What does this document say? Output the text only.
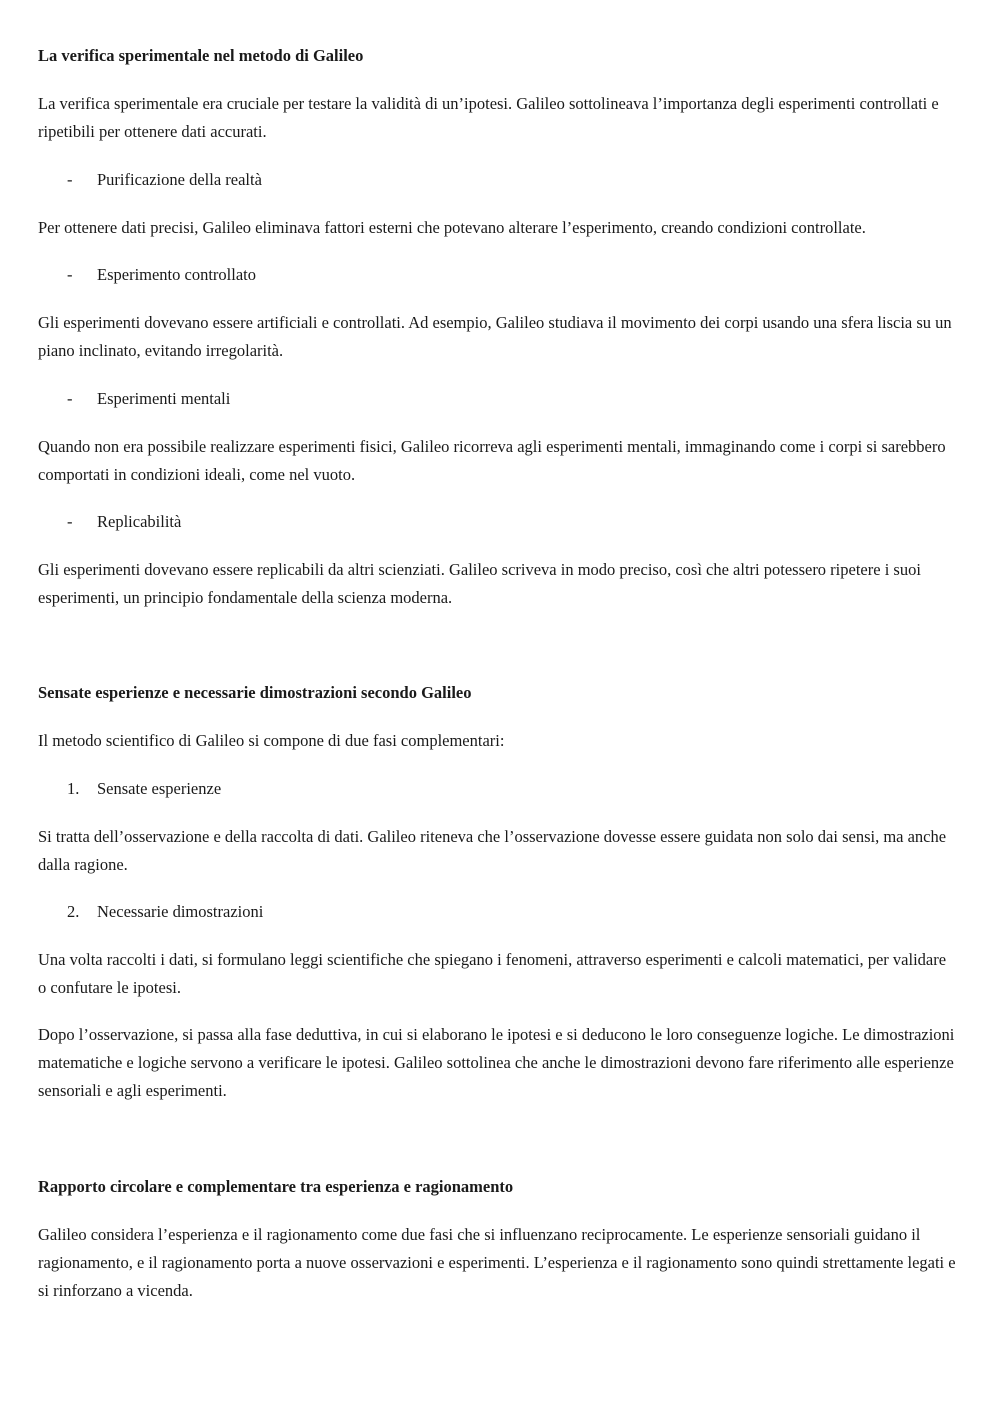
La verifica sperimentale nel metodo di Galileo

La verifica sperimentale era cruciale per testare la validità di un’ipotesi. Galileo sottolineava l’importanza degli esperimenti controllati e ripetibili per ottenere dati accurati.

- Purificazione della realtà

Per ottenere dati precisi, Galileo eliminava fattori esterni che potevano alterare l’esperimento, creando condizioni controllate.

- Esperimento controllato

Gli esperimenti dovevano essere artificiali e controllati. Ad esempio, Galileo studiava il movimento dei corpi usando una sfera liscia su un piano inclinato, evitando irregolarità.

- Esperimenti mentali

Quando non era possibile realizzare esperimenti fisici, Galileo ricorreva agli esperimenti mentali, immaginando come i corpi si sarebbero comportati in condizioni ideali, come nel vuoto.

- Replicabilità

Gli esperimenti dovevano essere replicabili da altri scienziati. Galileo scriveva in modo preciso, così che altri potessero ripetere i suoi esperimenti, un principio fondamentale della scienza moderna.

Sensate esperienze e necessarie dimostrazioni secondo Galileo

Il metodo scientifico di Galileo si compone di due fasi complementari:

1. Sensate esperienze

Si tratta dell’osservazione e della raccolta di dati. Galileo riteneva che l’osservazione dovesse essere guidata non solo dai sensi, ma anche dalla ragione.

2. Necessarie dimostrazioni

Una volta raccolti i dati, si formulano leggi scientifiche che spiegano i fenomeni, attraverso esperimenti e calcoli matematici, per validare o confutare le ipotesi.

Dopo l’osservazione, si passa alla fase deduttiva, in cui si elaborano le ipotesi e si deducono le loro conseguenze logiche. Le dimostrazioni matematiche e logiche servono a verificare le ipotesi. Galileo sottolinea che anche le dimostrazioni devono fare riferimento alle esperienze sensoriali e agli esperimenti.

Rapporto circolare e complementare tra esperienza e ragionamento

Galileo considera l’esperienza e il ragionamento come due fasi che si influenzano reciprocamente. Le esperienze sensoriali guidano il ragionamento, e il ragionamento porta a nuove osservazioni e esperimenti. L’esperienza e il ragionamento sono quindi strettamente legati e si rinforzano a vicenda.
